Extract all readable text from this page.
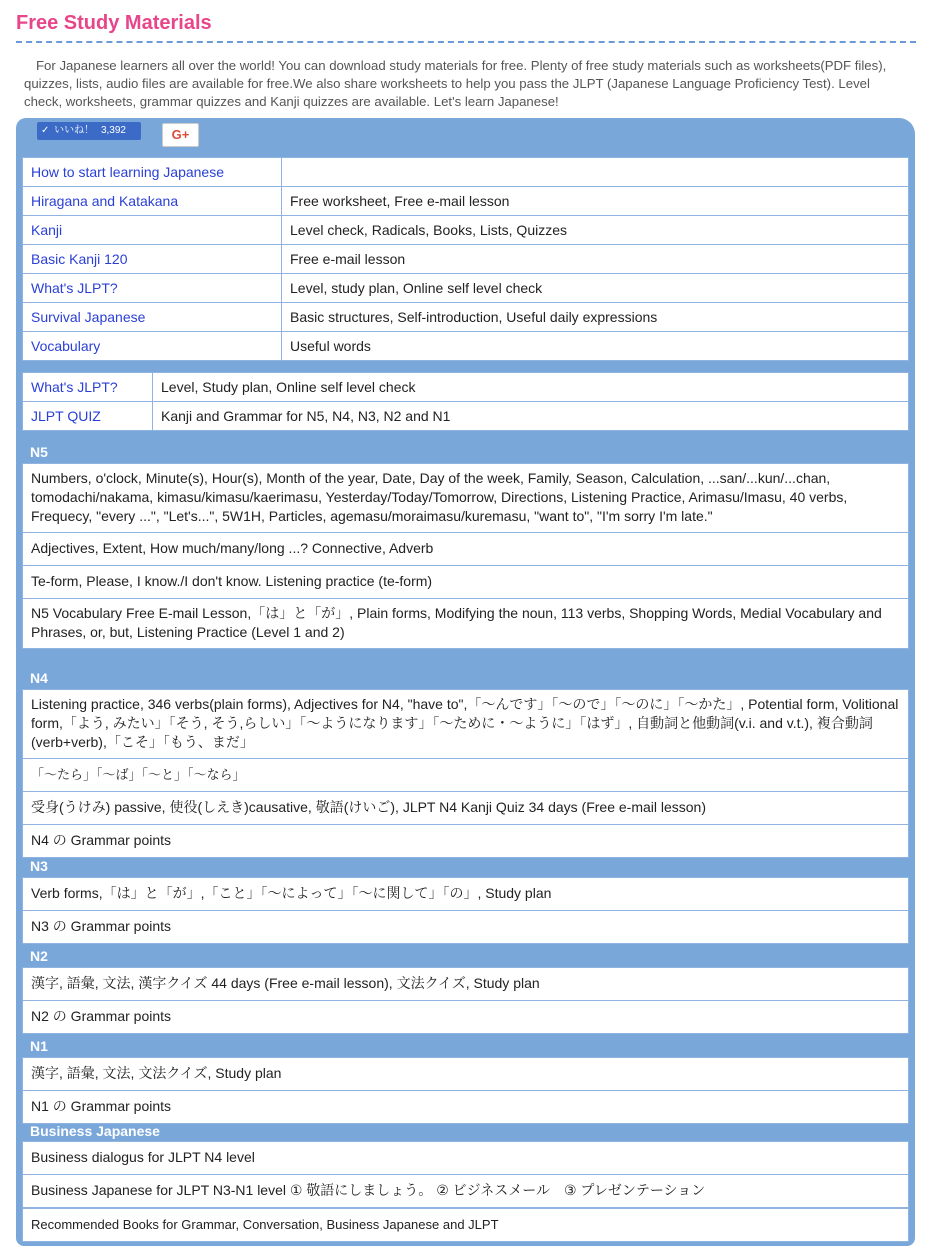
Free Study Materials

For Japanese learners all over the world! You can download study materials for free. Plenty of free study materials such as worksheets(PDF files), quizzes, lists, audio files are available for free.We also share worksheets to help you pass the JLPT (Japanese Language Proficiency Test). Level check, worksheets, grammar quizzes and Kanji quizzes are available. Let's learn Japanese!

✓ いいね！ 3,392	G+
How to start learning Japanese	
Hiragana and Katakana	Free worksheet, Free e-mail lesson
Kanji	Level check, Radicals, Books, Lists, Quizzes
Basic Kanji 120	Free e-mail lesson
What's JLPT?	Level, study plan, Online self level check
Survival Japanese	Basic structures, Self-introduction, Useful daily expressions
Vocabulary	Useful words
What's JLPT?	Level, Study plan, Online self level check
JLPT QUIZ	Kanji and Grammar for N5, N4, N3, N2 and N1
N5
Numbers, o'clock, Minute(s), Hour(s), Month of the year, Date, Day of the week, Family, Season, Calculation, ...san/...kun/...chan, tomodachi/nakama, kimasu/kimasu/kaerimasu, Yesterday/Today/Tomorrow, Directions, Listening Practice, Arimasu/Imasu, 40 verbs, Frequecy, "every ...", "Let's...", 5W1H, Particles, agemasu/moraimasu/kuremasu, "want to", "I'm sorry I'm late."
Adjectives, Extent, How much/many/long ...? Connective, Adverb
Te-form, Please, I know./I don't know. Listening practice (te-form)
N5 Vocabulary Free E-mail Lesson,「は」と「が」, Plain forms, Modifying the noun, 113 verbs, Shopping Words, Medial Vocabulary and Phrases, or, but, Listening Practice (Level 1 and 2)
N4
Listening practice, 346 verbs(plain forms), Adjectives for N4, "have to",「〜んです」「〜ので」「〜のに」「〜かた」, Potential form, Volitional form,「よう, みたい」「そう, そう,らしい」「〜ようになります」「〜ために・〜ように」「はず」, 自動詞と他動詞(v.i. and v.t.), 複合動詞(verb+verb),「こそ」「もう、まだ」
「〜たら」「〜ば」「〜と」「〜なら」
受身(うけみ) passive, 使役(しえき)causative, 敬語(けいご), JLPT N4 Kanji Quiz 34 days (Free e-mail lesson)
N4 の Grammar points
N3
Verb forms,「は」と「が」,「こと」「〜によって」「〜に関して」「の」, Study plan
N3 の Grammar points
N2
漢字, 語彙, 文法, 漢字クイズ 44 days (Free e-mail lesson), 文法クイズ, Study plan
N2 の Grammar points
N1
漢字, 語彙, 文法, 文法クイズ, Study plan
N1 の Grammar points
Business Japanese
Business dialogus for JLPT N4 level
Business Japanese for JLPT N3-N1 level ① 敬語にしましょう。 ② ビジネスメール　③ プレゼンテーション
Recommended Books for Grammar, Conversation, Business Japanese and JLPT
